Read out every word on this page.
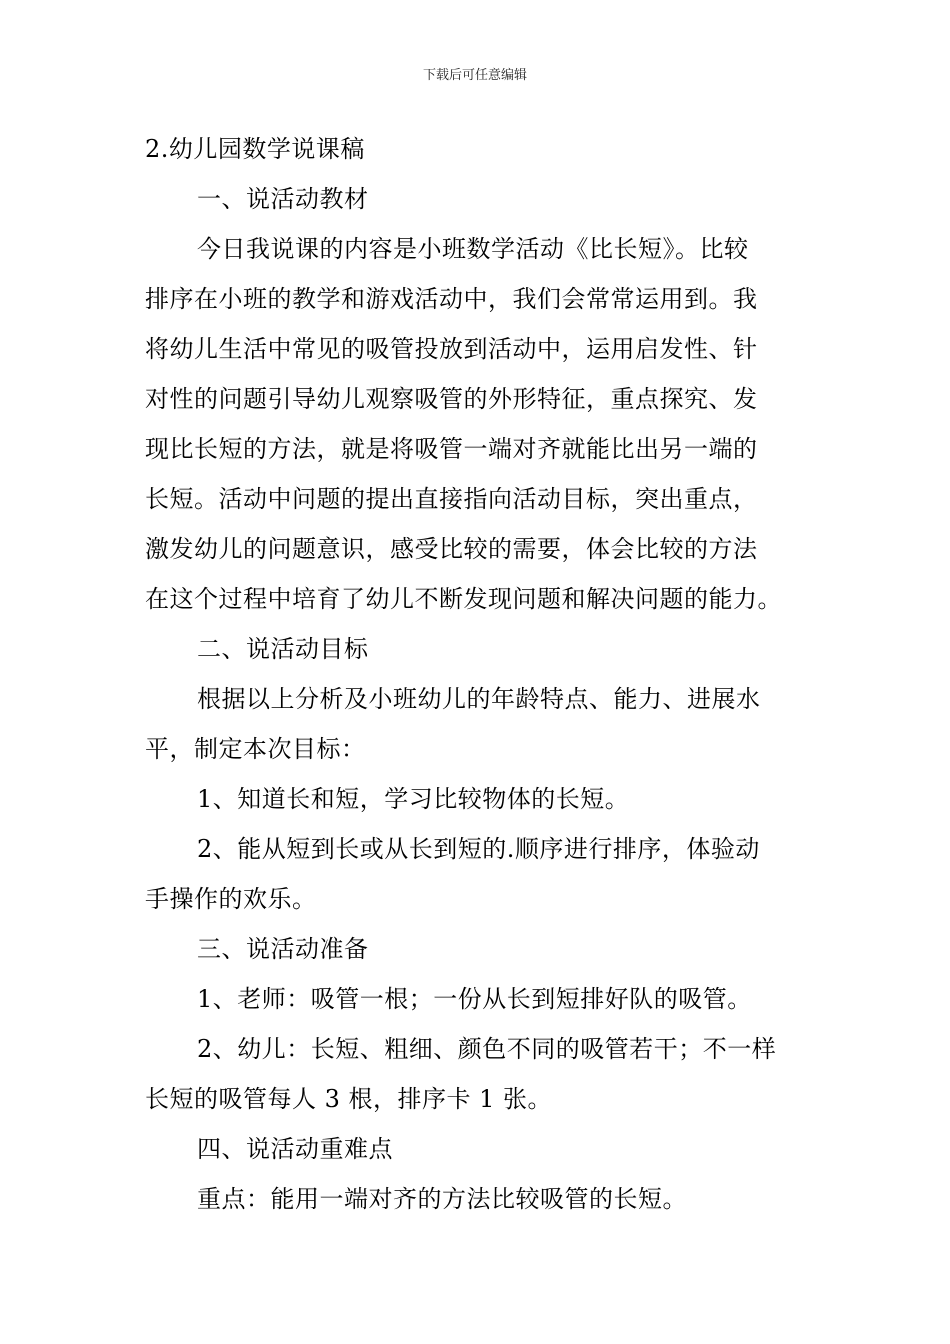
下载后可任意编辑
2.幼儿园数学说课稿
一、说活动教材
今日我说课的内容是小班数学活动《比长短》。比较
排序在小班的教学和游戏活动中，我们会常常运用到。我
将幼儿生活中常见的吸管投放到活动中，运用启发性、针
对性的问题引导幼儿观察吸管的外形特征，重点探究、发
现比长短的方法，就是将吸管一端对齐就能比出另一端的
长短。活动中问题的提出直接指向活动目标，突出重点，
激发幼儿的问题意识，感受比较的需要，体会比较的方法
在这个过程中培育了幼儿不断发现问题和解决问题的能力。
二、说活动目标
根据以上分析及小班幼儿的年龄特点、能力、进展水
平，制定本次目标：
1、知道长和短，学习比较物体的长短。
2、能从短到长或从长到短的.顺序进行排序，体验动
手操作的欢乐。
三、说活动准备
1、老师：吸管一根；一份从长到短排好队的吸管。
2、幼儿：长短、粗细、颜色不同的吸管若干；不一样
长短的吸管每人 3 根，排序卡 1 张。
四、说活动重难点
重点：能用一端对齐的方法比较吸管的长短。
